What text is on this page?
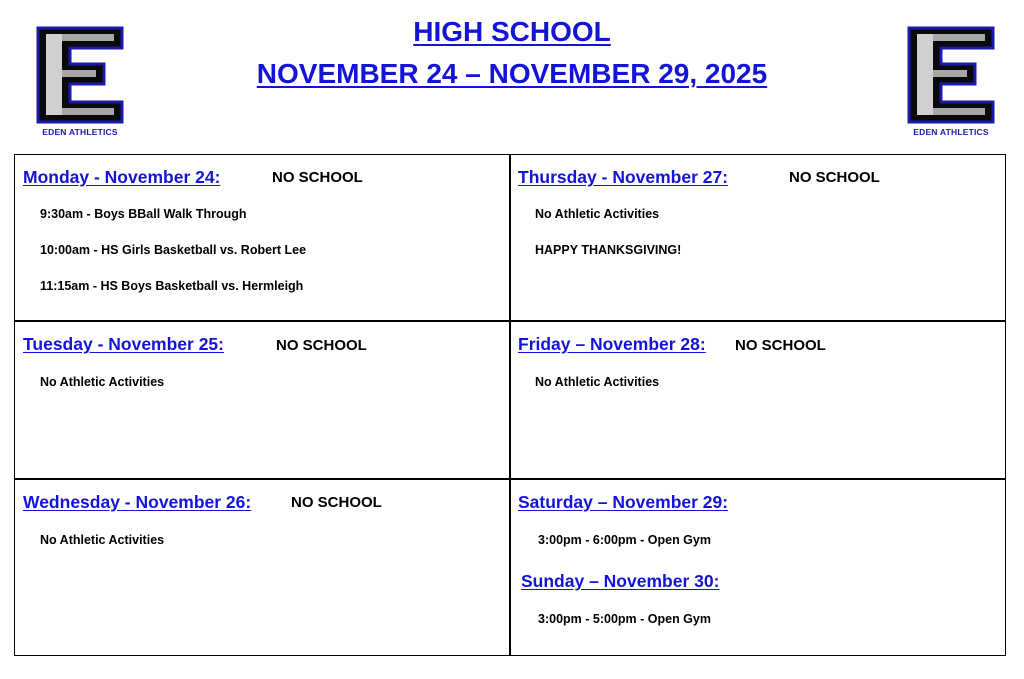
HIGH SCHOOL
NOVEMBER 24 – NOVEMBER 29, 2025
EDEN ATHLETICS	EDEN ATHLETICS
Monday - November 24:	NO SCHOOL
9:30am - Boys BBall Walk Through
10:00am - HS Girls Basketball vs. Robert Lee
11:15am - HS Boys Basketball vs. Hermleigh
Thursday - November 27:	NO SCHOOL
No Athletic Activities
HAPPY THANKSGIVING!
Tuesday - November 25:	NO SCHOOL
No Athletic Activities
Friday – November 28: NO SCHOOL
No Athletic Activities
Wednesday - November 26:	NO SCHOOL
No Athletic Activities
Saturday – November 29:
3:00pm - 6:00pm - Open Gym
Sunday – November 30:
3:00pm - 5:00pm - Open Gym
